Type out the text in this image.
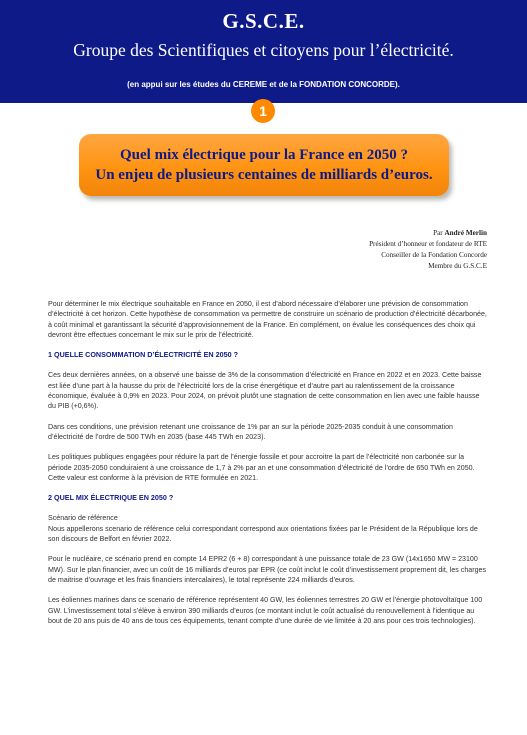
G.S.C.E.
Groupe des Scientifiques et citoyens pour l’électricité.
(en appui sur les études du CEREME et de la FONDATION CONCORDE).
1
Quel mix électrique pour la France en 2050 ?
Un enjeu de plusieurs centaines de milliards d’euros.
Par André Merlin
Président d’honneur et fondateur de RTE
Conseiller de la Fondation Concorde
Membre du G.S.C.E

Pour déterminer le mix électrique souhaitable en France en 2050, il est d’abord nécessaire d’élaborer une prévision de consommation d’électricité à cet horizon. Cette hypothèse de consommation va permettre de construire un scénario de production d’électricité décarbonée, à coût minimal et garantissant la sécurité d’approvisionnement de la France. En complément, on évalue les conséquences des choix qui devront être effectues concernant le mix sur le prix de l’électricité.

1 QUELLE CONSOMMATION D’ÉLECTRICITÉ EN 2050 ?

Ces deux dernières années, on a observé une baisse de 3% de la consommation d’électricité en France en 2022 et en 2023. Cette baisse est liée d’une part à la hausse du prix de l’électricité lors de la crise énergétique et d’autre part au ralentissement de la croissance économique, évaluée à 0,9% en 2023. Pour 2024, on prévoit plutôt une stagnation de cette consommation en lien avec une faible hausse du PIB (+0,6%).

Dans ces conditions, une prévision retenant une croissance de 1% par an sur la période 2025-2035 conduit à une consommation d’électricité de l’ordre de 500 TWh en 2035 (base 445 TWh en 2023).

Les politiques publiques engagées pour réduire la part de l’énergie fossile et pour accroitre la part de l’électricité non carbonée sur la période 2035-2050 conduiraient à une croissance de 1,7 à 2% par an et une consommation d’électricité de l’ordre de 650 TWh en 2050. Cette valeur est conforme à la prévision de RTE formulée en 2021.

2 QUEL MIX ÉLECTRIQUE EN 2050 ?
Scénario de référence

Nous appellerons scenario de référence celui correspondant correspond aux orientations fixées par le Président de la République lors de son discours de Belfort en février 2022.

Pour le nucléaire, ce scénario prend en compte 14 EPR2 (6 + 8) correspondant à une puissance totale de 23 GW (14x1650 MW = 23100 MW). Sur le plan financier, avec un coût de 16 milliards d’euros par EPR (ce coût inclut le coût d’investissement proprement dit, les charges de maitrise d’ouvrage et les frais financiers intercalaires), le total représente 224 milliards d’euros.

Les éoliennes marines dans ce scenario de référence représentent 40 GW, les éoliennes terrestres 20 GW et l’énergie photovoltaïque 100 GW. L’investissement total s’élève à environ 390 milliards d’euros (ce montant inclut le coût actualisé du renouvellement à l’identique au bout de 20 ans puis de 40 ans de tous ces équipements, tenant compte d’une durée de vie limitée à 20 ans pour ces trois technologies).
